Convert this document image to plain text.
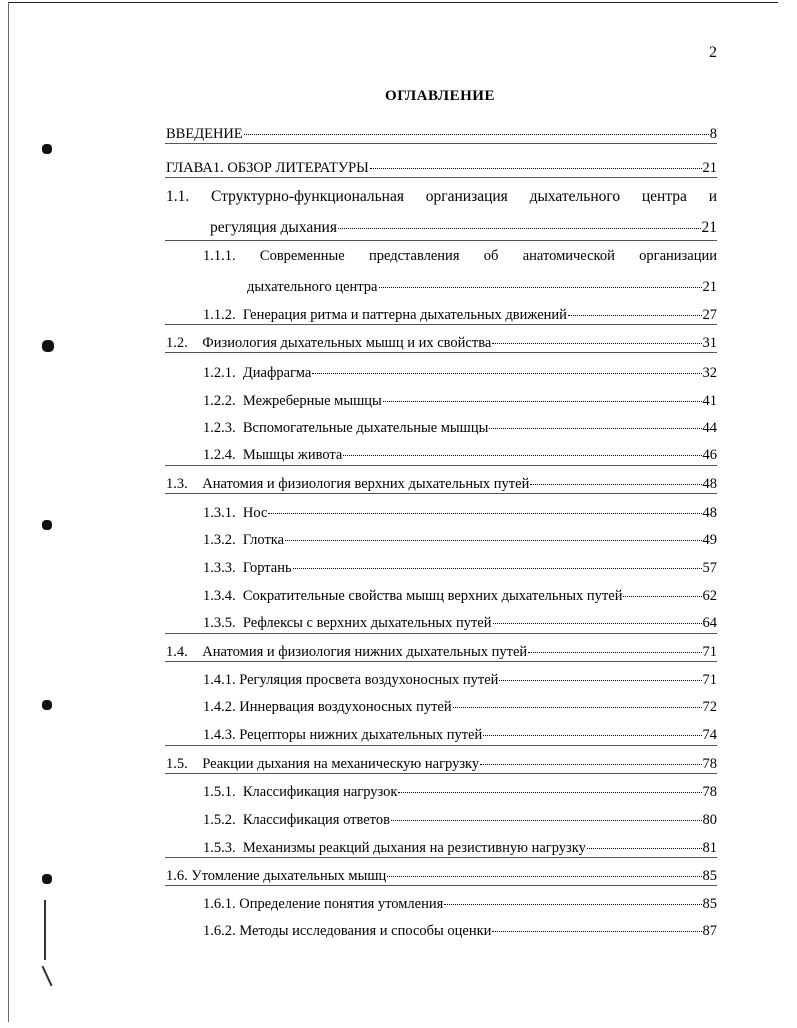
2
ОГЛАВЛЕНИЕ
ВВЕДЕНИЕ	8
ГЛАВА1. ОБЗОР ЛИТЕРАТУРЫ	21
1.1. Структурно-функциональная организация дыхательного центра и
регуляция дыхания	21
1.1.1. Современные представления об анатомической организации
дыхательного центра	21
1.1.2.  Генерация ритма и паттерна дыхательных движений	27
1.2.    Физиология дыхательных мышц и их свойства	31
1.2.1.  Диафрагма	32
1.2.2.  Межреберные мышцы	41
1.2.3.  Вспомогательные дыхательные мышцы	44
1.2.4.  Мышцы живота	46
1.3.    Анатомия и физиология верхних дыхательных путей	48
1.3.1.  Нос	48
1.3.2.  Глотка	49
1.3.3.  Гортань	57
1.3.4.  Сократительные свойства мышц верхних дыхательных путей	62
1.3.5.  Рефлексы с верхних дыхательных путей	64
1.4.    Анатомия и физиология нижних дыхательных путей	71
1.4.1. Регуляция просвета воздухоносных путей	71
1.4.2. Иннервация воздухоносных путей	72
1.4.3. Рецепторы нижних дыхательных путей	74
1.5.    Реакции дыхания на механическую нагрузку	78
1.5.1.  Классификация нагрузок	78
1.5.2.  Классификация ответов	80
1.5.3.  Механизмы реакций дыхания на резистивную нагрузку	81
1.6. Утомление дыхательных мышц	85
1.6.1. Определение понятия утомления	85
1.6.2. Методы исследования и способы оценки	87
